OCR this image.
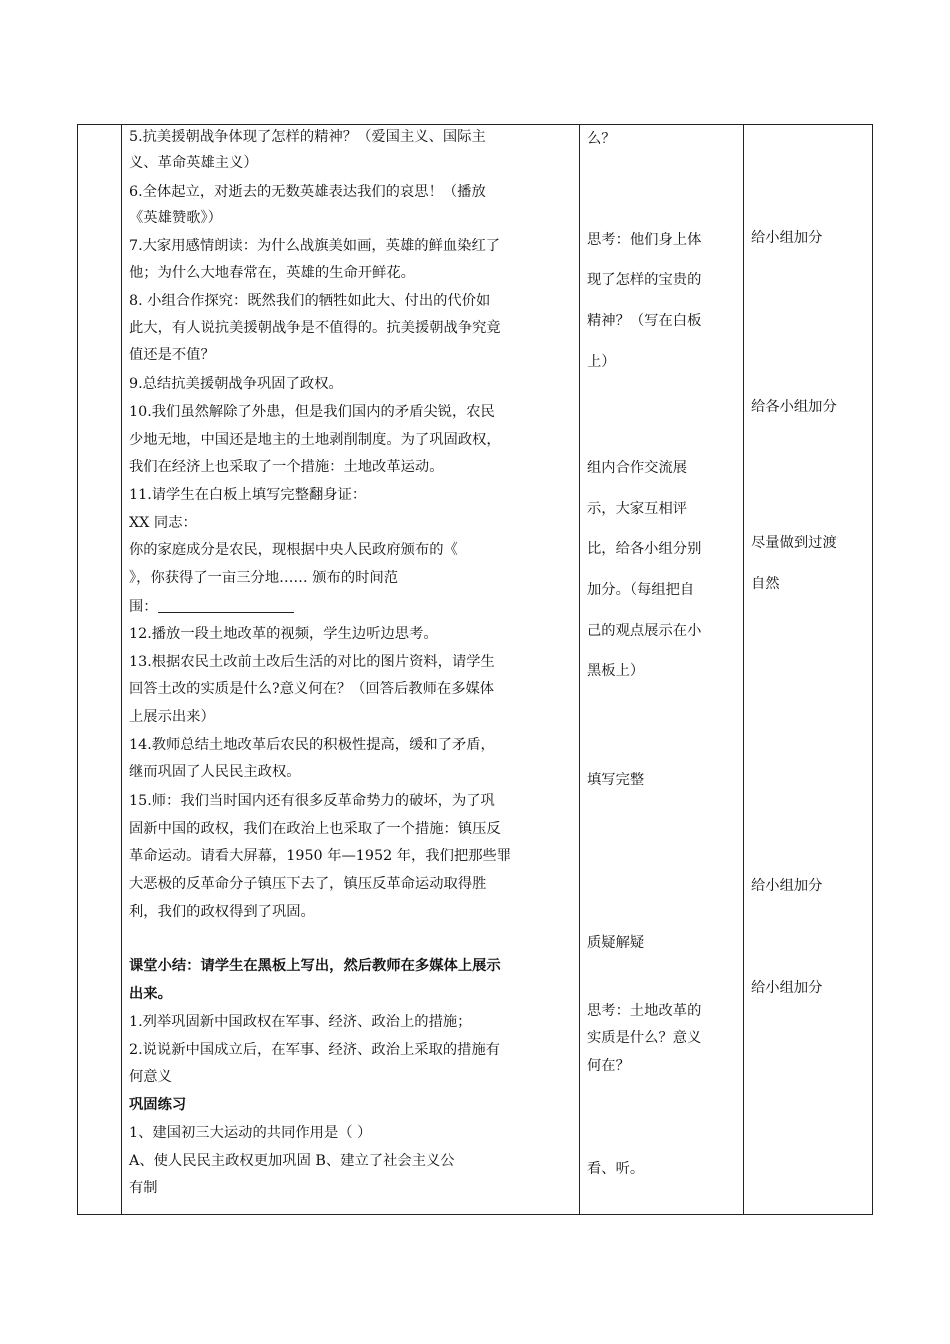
5.抗美援朝战争体现了怎样的精神？（爱国主义、国际主
义、革命英雄主义）
6.全体起立，对逝去的无数英雄表达我们的哀思！（播放
《英雄赞歌》）
7.大家用感情朗读：为什么战旗美如画，英雄的鲜血染红了
他；为什么大地春常在，英雄的生命开鲜花。
8. 小组合作探究：既然我们的牺牲如此大、付出的代价如
此大，有人说抗美援朝战争是不值得的。抗美援朝战争究竟
值还是不值？
9.总结抗美援朝战争巩固了政权。
10.我们虽然解除了外患，但是我们国内的矛盾尖锐，农民
少地无地，中国还是地主的土地剥削制度。为了巩固政权，
我们在经济上也采取了一个措施：土地改革运动。
11.请学生在白板上填写完整翻身证：
XX 同志：
你的家庭成分是农民，现根据中央人民政府颁布的《
》，你获得了一亩三分地…… 颁布的时间范
围：
12.播放一段土地改革的视频，学生边听边思考。
13.根据农民土改前土改后生活的对比的图片资料，请学生
回答土改的实质是什么?意义何在？（回答后教师在多媒体
上展示出来）
14.教师总结土地改革后农民的积极性提高，缓和了矛盾，
继而巩固了人民民主政权。
15.师：我们当时国内还有很多反革命势力的破坏，为了巩
固新中国的政权，我们在政治上也采取了一个措施：镇压反
革命运动。请看大屏幕，1950 年—1952 年，我们把那些罪
大恶极的反革命分子镇压下去了，镇压反革命运动取得胜
利，我们的政权得到了巩固。
课堂小结：请学生在黑板上写出，然后教师在多媒体上展示
出来。
1.列举巩固新中国政权在军事、经济、政治上的措施；
2.说说新中国成立后，在军事、经济、政治上采取的措施有
何意义
巩固练习
1、建国初三大运动的共同作用是（ ）
A、使人民民主政权更加巩固 B、建立了社会主义公
有制
么？
思考：他们身上体
现了怎样的宝贵的
精神？（写在白板
上）
组内合作交流展
示，大家互相评
比，给各小组分别
加分。（每组把自
己的观点展示在小
黑板上）
填写完整
质疑解疑
思考：土地改革的
实质是什么？意义
何在？
看、听。
给小组加分
给各小组加分
尽量做到过渡
自然
给小组加分
给小组加分
